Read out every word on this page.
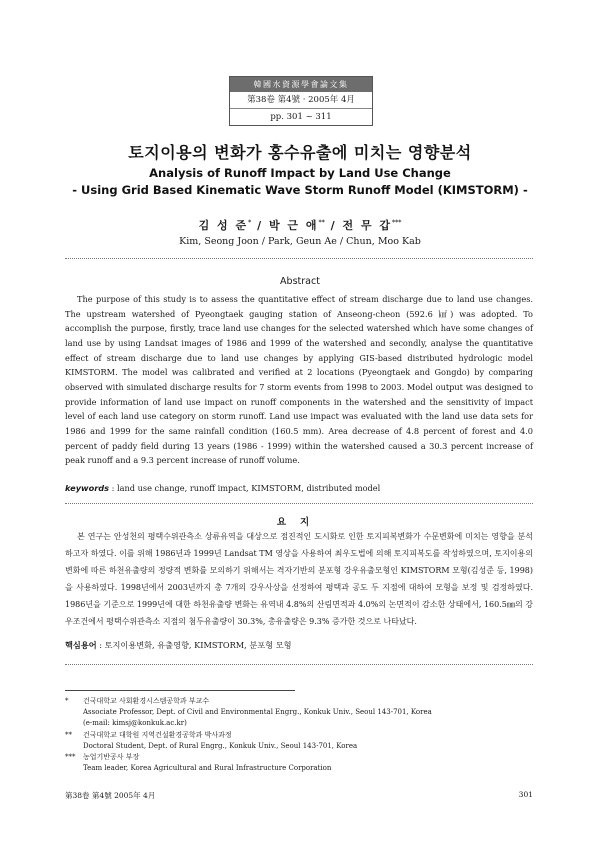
韓國水資源學會論文集
第38卷 第4號 · 2005年 4月
pp. 301 ~ 311
토지이용의 변화가 홍수유출에 미치는 영향분석
Analysis of Runoff Impact by Land Use Change
- Using Grid Based Kinematic Wave Storm Runoff Model (KIMSTORM) -
김 성 준* / 박 근 애** / 전 무 갑***
Kim, Seong Joon / Park, Geun Ae / Chun, Moo Kab
Abstract

The purpose of this study is to assess the quantitative effect of stream discharge due to land use changes. The upstream watershed of Pyeongtaek gauging station of Anseong-cheon (592.6 ㎢) was adopted. To accomplish the purpose, firstly, trace land use changes for the selected watershed which have some changes of land use by using Landsat images of 1986 and 1999 of the watershed and secondly, analyse the quantitative effect of stream discharge due to land use changes by applying GIS-based distributed hydrologic model KIMSTORM. The model was calibrated and verified at 2 locations (Pyeongtaek and Gongdo) by comparing observed with simulated discharge results for 7 storm events from 1998 to 2003. Model output was designed to provide information of land use impact on runoff components in the watershed and the sensitivity of impact level of each land use category on storm runoff. Land use impact was evaluated with the land use data sets for 1986 and 1999 for the same rainfall condition (160.5 mm). Area decrease of 4.8 percent of forest and 4.0 percent of paddy field during 13 years (1986 - 1999) within the watershed caused a 30.3 percent increase of peak runoff and a 9.3 percent increase of runoff volume.

keywords : land use change, runoff impact, KIMSTORM, distributed model
요지

본 연구는 안성천의 평택수위관측소 상류유역을 대상으로 점진적인 도시화로 인한 토지피복변화가 수문변화에 미치는 영향을 분석하고자 하였다. 이를 위해 1986년과 1999년 Landsat TM 영상을 사용하여 최우도법에 의해 토지피복도를 작성하였으며, 토지이용의 변화에 따른 하천유출량의 정량적 변화를 모의하기 위해서는 격자기반의 분포형 강우유출모형인 KIMSTORM 모형(김성준 등, 1998)을 사용하였다. 1998년에서 2003년까지 총 7개의 강우사상을 선정하여 평택과 공도 두 지점에 대하여 모형을 보정 및 검정하였다. 1986년을 기준으로 1999년에 대한 하천유출량 변화는 유역내 4.8%의 산림면적과 4.0%의 논면적이 감소한 상태에서, 160.5㎜의 강우조건에서 평택수위관측소 지점의 첨두유출량이 30.3%, 총유출량은 9.3% 증가한 것으로 나타났다.

핵심용어 : 토지이용변화, 유출영향, KIMSTORM, 분포형 모형
* 건국대학교 사회환경시스템공학과 부교수
Associate Professor, Dept. of Civil and Environmental Engrg., Konkuk Univ., Seoul 143-701, Korea
(e-mail: kimsj@konkuk.ac.kr)
** 건국대학교 대학원 지역건설환경공학과 박사과정
Doctoral Student, Dept. of Rural Engrg., Konkuk Univ., Seoul 143-701, Korea
*** 농업기반공사 부장
Team leader, Korea Agricultural and Rural Infrastructure Corporation
第38卷 第4號 2005年 4月	301
